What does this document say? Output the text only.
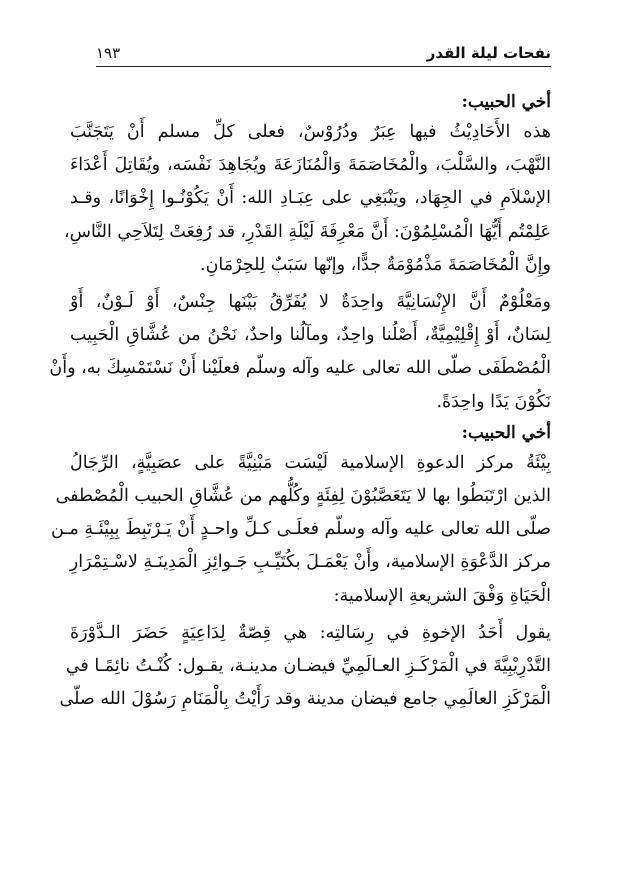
نفحات ليلة القدر
١٩٣
أخي الحبيب:

هذه الأَحَادِيْثُ فيها عِبَرٌ ودُرُوْسٌ، فعلى كلِّ مسلم أَنْ يَتَجَنَّبَ
النَّهْبَ، والسَّلْبَ، والْمُخَاصَمَةَ وَالْمُنَازَعَةَ ويُجَاهِدَ نَفْسَه، ويُقَاتِلَ أَعْدَاءَ
الإسْلاَمِ في الجِهَاد، ويَنْبَغِي على عِبَـادِ الله: أَنْ يَكُوْنُـوا إِخْوَانًا، وقـد
عَلِمْتُم أَيُّهَا الْمُسْلِمُوْنَ: أَنَّ مَعْرِفَةَ لَيْلَةِ القَدْرِ، قد رُفِعَتْ لِتَلاَحِي النَّاسِ،
وإِنَّ الْمُخَاصَمَةَ مَذْمُوْمَةٌ جدًّا، وإنّها سَبَبٌ لِلحِرْمَانِ.

ومَعْلُوْمٌ أَنَّ الإِنْسَانِيَّةَ واحِدَةٌ لا يُفَرِّقُ بَيْنَها جِنْسٌ، أَوْ لَـوْنٌ، أَوْ
لِسَانٌ، أَوْ إِقْلِيْمِيَّةٌ، أَصْلُنا واحِدٌ، ومآلُنا واحدٌ، نَحْنُ من عُشَّاقِ الْحَبِيب
الْمُصْطَفَى صلّى الله تعالى عليه وآله وسلّم فعلَيْنا أَنْ نَسْتَمْسِكَ به، وأَنْ
نَكُوْنَ يَدًا واحِدَةً.

أخي الحبيب:

بِيْئَةُ مركز الدعوةِ الإسلامية لَيْسَت مَبْنِيَّةً على عصَبِيَّةٍ، الرِّجَالُ
الذين ارْتَبَطُوا بها لا يَتَعَصَّبُوْنَ لِفِئَةٍ وكُلُّهم من عُشَّاقِ الحبيب الْمُصْطفى
صلّى الله تعالى عليه وآله وسلّم فعلَـى كـلِّ واحـدٍ أَنْ يَـرْتَبِطَ بِبِيْئَـةِ مـن
مركز الدَّعْوَةِ الإسلامية، وأَنْ يَعْمَـلَ بكُتَيِّـبِ جَـوائِزِ الْمَدِينَـةِ لاسْـتِمْرَارِ
الْحَيَاةِ وَفْقَ الشريعةِ الإسلامية:

يقول أَحَدُ الإخوةِ في رِسَالتِه: هي قِصّةٌ لِدَاعِيَةٍ حَضَرَ الـدَّوْرَةَ
التَّدْرِيْبِيَّةَ في الْمَرْكَـزِ العـالَمِيِّ فيضـان مدينـة، يقـول: كُنْـتُ نائِمًـا في
الْمَرْكَزِ العالَمِي جامع فيضان مدينة وقد رَأَيْتُ بِالْمَنَامِ رَسُوْلَ الله صلّى
